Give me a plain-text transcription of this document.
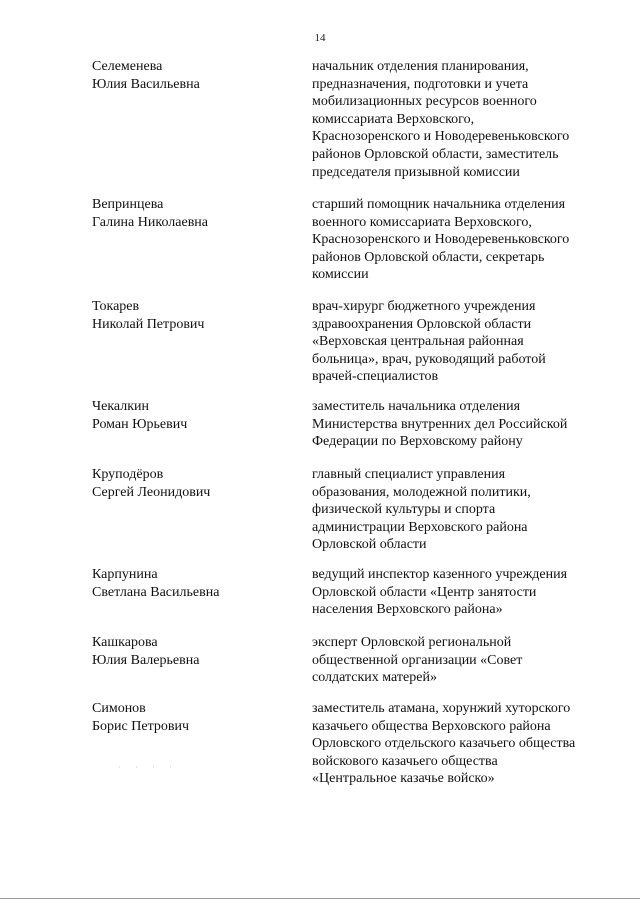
14
Селеменева
Юлия Васильевна
начальник отделения планирования,
предназначения, подготовки и учета
мобилизационных ресурсов военного
комиссариата Верховского,
Краснозоренского и Новодеревеньковского
районов Орловской области, заместитель
председателя призывной комиссии
Вепринцева
Галина Николаевна
старший помощник начальника отделения
военного комиссариата Верховского,
Краснозоренского и Новодеревеньковского
районов Орловской области, секретарь
комиссии
Токарев
Николай Петрович
врач-хирург бюджетного учреждения
здравоохранения Орловской области
«Верховская центральная районная
больница», врач, руководящий работой
врачей-специалистов
Чекалкин
Роман Юрьевич
заместитель начальника отделения
Министерства внутренних дел Российской
Федерации по Верховскому району
Круподёров
Сергей Леонидович
главный специалист управления
образования, молодежной политики,
физической культуры и спорта
администрации Верховского района
Орловской области
Карпунина
Светлана Васильевна
ведущий инспектор казенного учреждения
Орловской области «Центр занятости
населения Верховского района»
Кашкарова
Юлия Валерьевна
эксперт Орловской региональной
общественной организации «Совет
солдатских матерей»
Симонов
Борис Петрович
заместитель атамана, хорунжий хуторского
казачьего общества Верховского района
Орловского отдельского казачьего общества
войскового казачьего общества
«Центральное казачье войско»
· · · ·
